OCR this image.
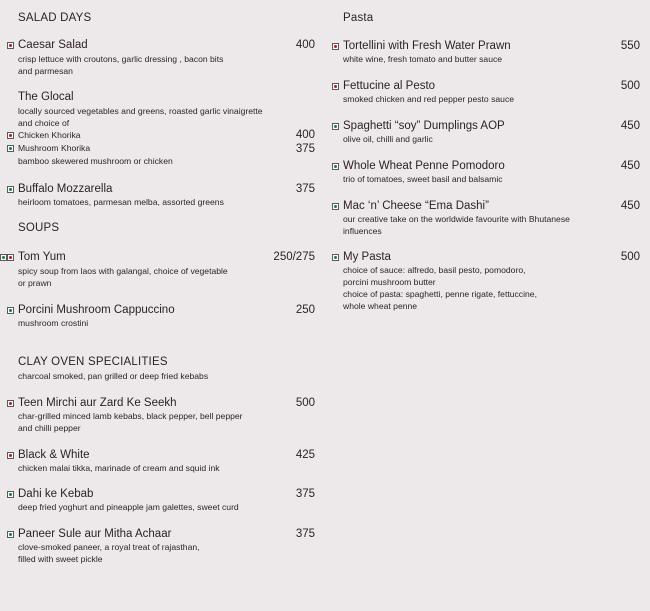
SALAD DAYS
Caesar Salad	400
crisp lettuce with croutons, garlic dressing , bacon bits
and parmesan
The Glocal
locally sourced vegetables and greens, roasted garlic vinaigrette
and choice of
Chicken Khorika	400
Mushroom Khorika	375
bamboo skewered mushroom or chicken
Buffalo Mozzarella	375
heirloom tomatoes, parmesan melba, assorted greens
SOUPS
Tom Yum	250/275
spicy soup from laos with galangal, choice of vegetable
or prawn
Porcini Mushroom Cappuccino	250
mushroom crostini
CLAY OVEN SPECIALITIES
charcoal smoked, pan grilled or deep fried kebabs
Teen Mirchi aur Zard Ke Seekh	500
char-grilled minced lamb kebabs, black pepper, bell pepper
and chilli pepper
Black & White	425
chicken malai tikka, marinade of cream and squid ink
Dahi ke Kebab	375
deep fried yoghurt and pineapple jam galettes, sweet curd
Paneer Sule aur Mitha Achaar	375
clove-smoked paneer, a royal treat of rajasthan,
filled with sweet pickle
Pasta
Tortellini with Fresh Water Prawn	550
white wine, fresh tomato and butter sauce
Fettucine al Pesto	500
smoked chicken and red pepper pesto sauce
Spaghetti “soy” Dumplings AOP	450
olive oil, chilli and garlic
Whole Wheat Penne Pomodoro	450
trio of tomatoes, sweet basil and balsamic
Mac ‘n’ Cheese “Ema Dashi”	450
our creative take on the worldwide favourite with Bhutanese
influences
My Pasta	500
choice of sauce: alfredo, basil pesto, pomodoro,
porcini mushroom butter
choice of pasta: spaghetti, penne rigate, fettuccine,
whole wheat penne
